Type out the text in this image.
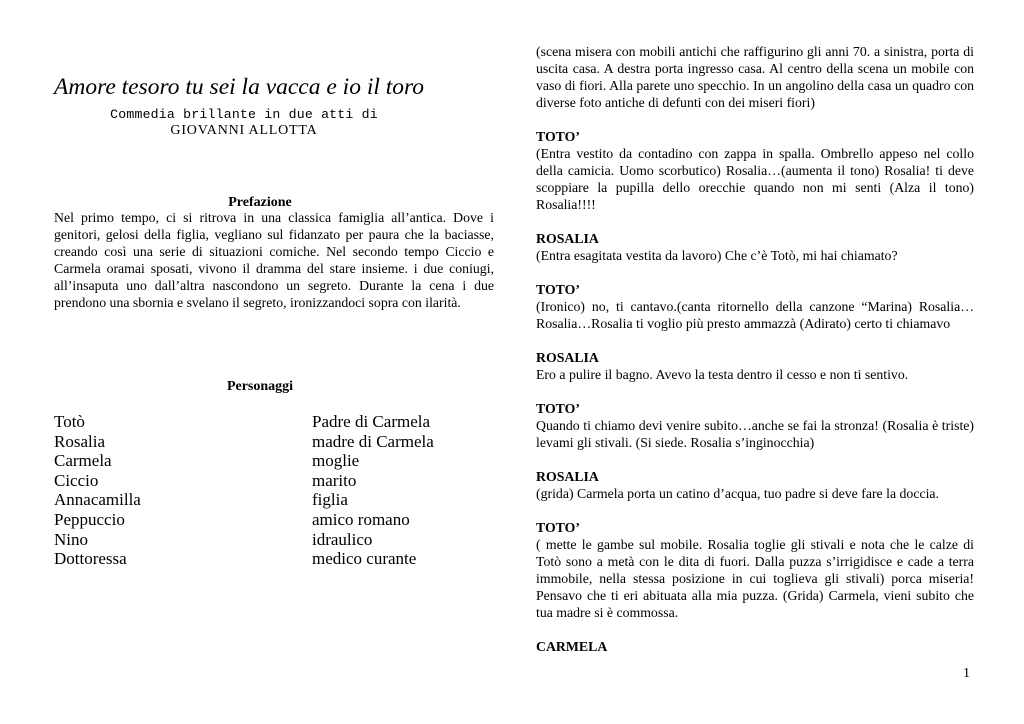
Amore tesoro tu sei la vacca e io il toro

Commedia brillante in due atti di

GIOVANNI ALLOTTA

Prefazione

Nel primo tempo, ci si ritrova in una classica famiglia all’antica. Dove i genitori, gelosi della figlia, vegliano sul fidanzato per paura che la baciasse, creando così una serie di situazioni comiche. Nel secondo tempo Ciccio e Carmela oramai sposati, vivono il dramma del stare insieme. i due coniugi, all’insaputa uno dall’altra nascondono un segreto. Durante la cena i due prendono una sbornia e svelano il segreto, ironizzandoci sopra con ilarità.

Personaggi

Totò	Padre di Carmela
Rosalia	madre di Carmela
Carmela	moglie
Ciccio	marito
Annacamilla	figlia
Peppuccio	amico romano
Nino	idraulico
Dottoressa	medico curante

(scena misera con mobili antichi che raffigurino gli anni 70. a sinistra, porta di uscita casa. A destra porta ingresso casa. Al centro della scena un mobile con vaso di fiori. Alla parete uno specchio. In un angolino della casa un quadro con diverse foto antiche di defunti con dei miseri fiori)

TOTO’

(Entra vestito da contadino con zappa in spalla. Ombrello appeso nel collo della camicia. Uomo scorbutico) Rosalia…(aumenta il tono) Rosalia! ti deve scoppiare la pupilla dello orecchie quando non mi senti (Alza il tono) Rosalia!!!!

ROSALIA

(Entra esagitata vestita da lavoro) Che c’è Totò, mi hai chiamato?

TOTO’

(Ironico) no, ti cantavo.(canta ritornello della canzone “Marina) Rosalia… Rosalia…Rosalia ti voglio più presto ammazzà (Adirato) certo ti chiamavo

ROSALIA

Ero a pulire il bagno. Avevo la testa dentro il cesso e non ti sentivo.

TOTO’

Quando ti chiamo devi venire subito…anche se fai la stronza! (Rosalia è triste) levami gli stivali. (Si siede. Rosalia s’inginocchia)

ROSALIA

(grida) Carmela porta un catino d’acqua, tuo padre si deve fare la doccia.

TOTO’

( mette le gambe sul mobile. Rosalia toglie gli stivali e nota che le calze di Totò sono a metà con le dita di fuori. Dalla puzza s’irrigidisce e cade a terra immobile, nella stessa posizione in cui toglieva gli stivali) porca miseria! Pensavo che ti eri abituata alla mia puzza. (Grida) Carmela, vieni subito che tua madre si è commossa.

CARMELA

1
